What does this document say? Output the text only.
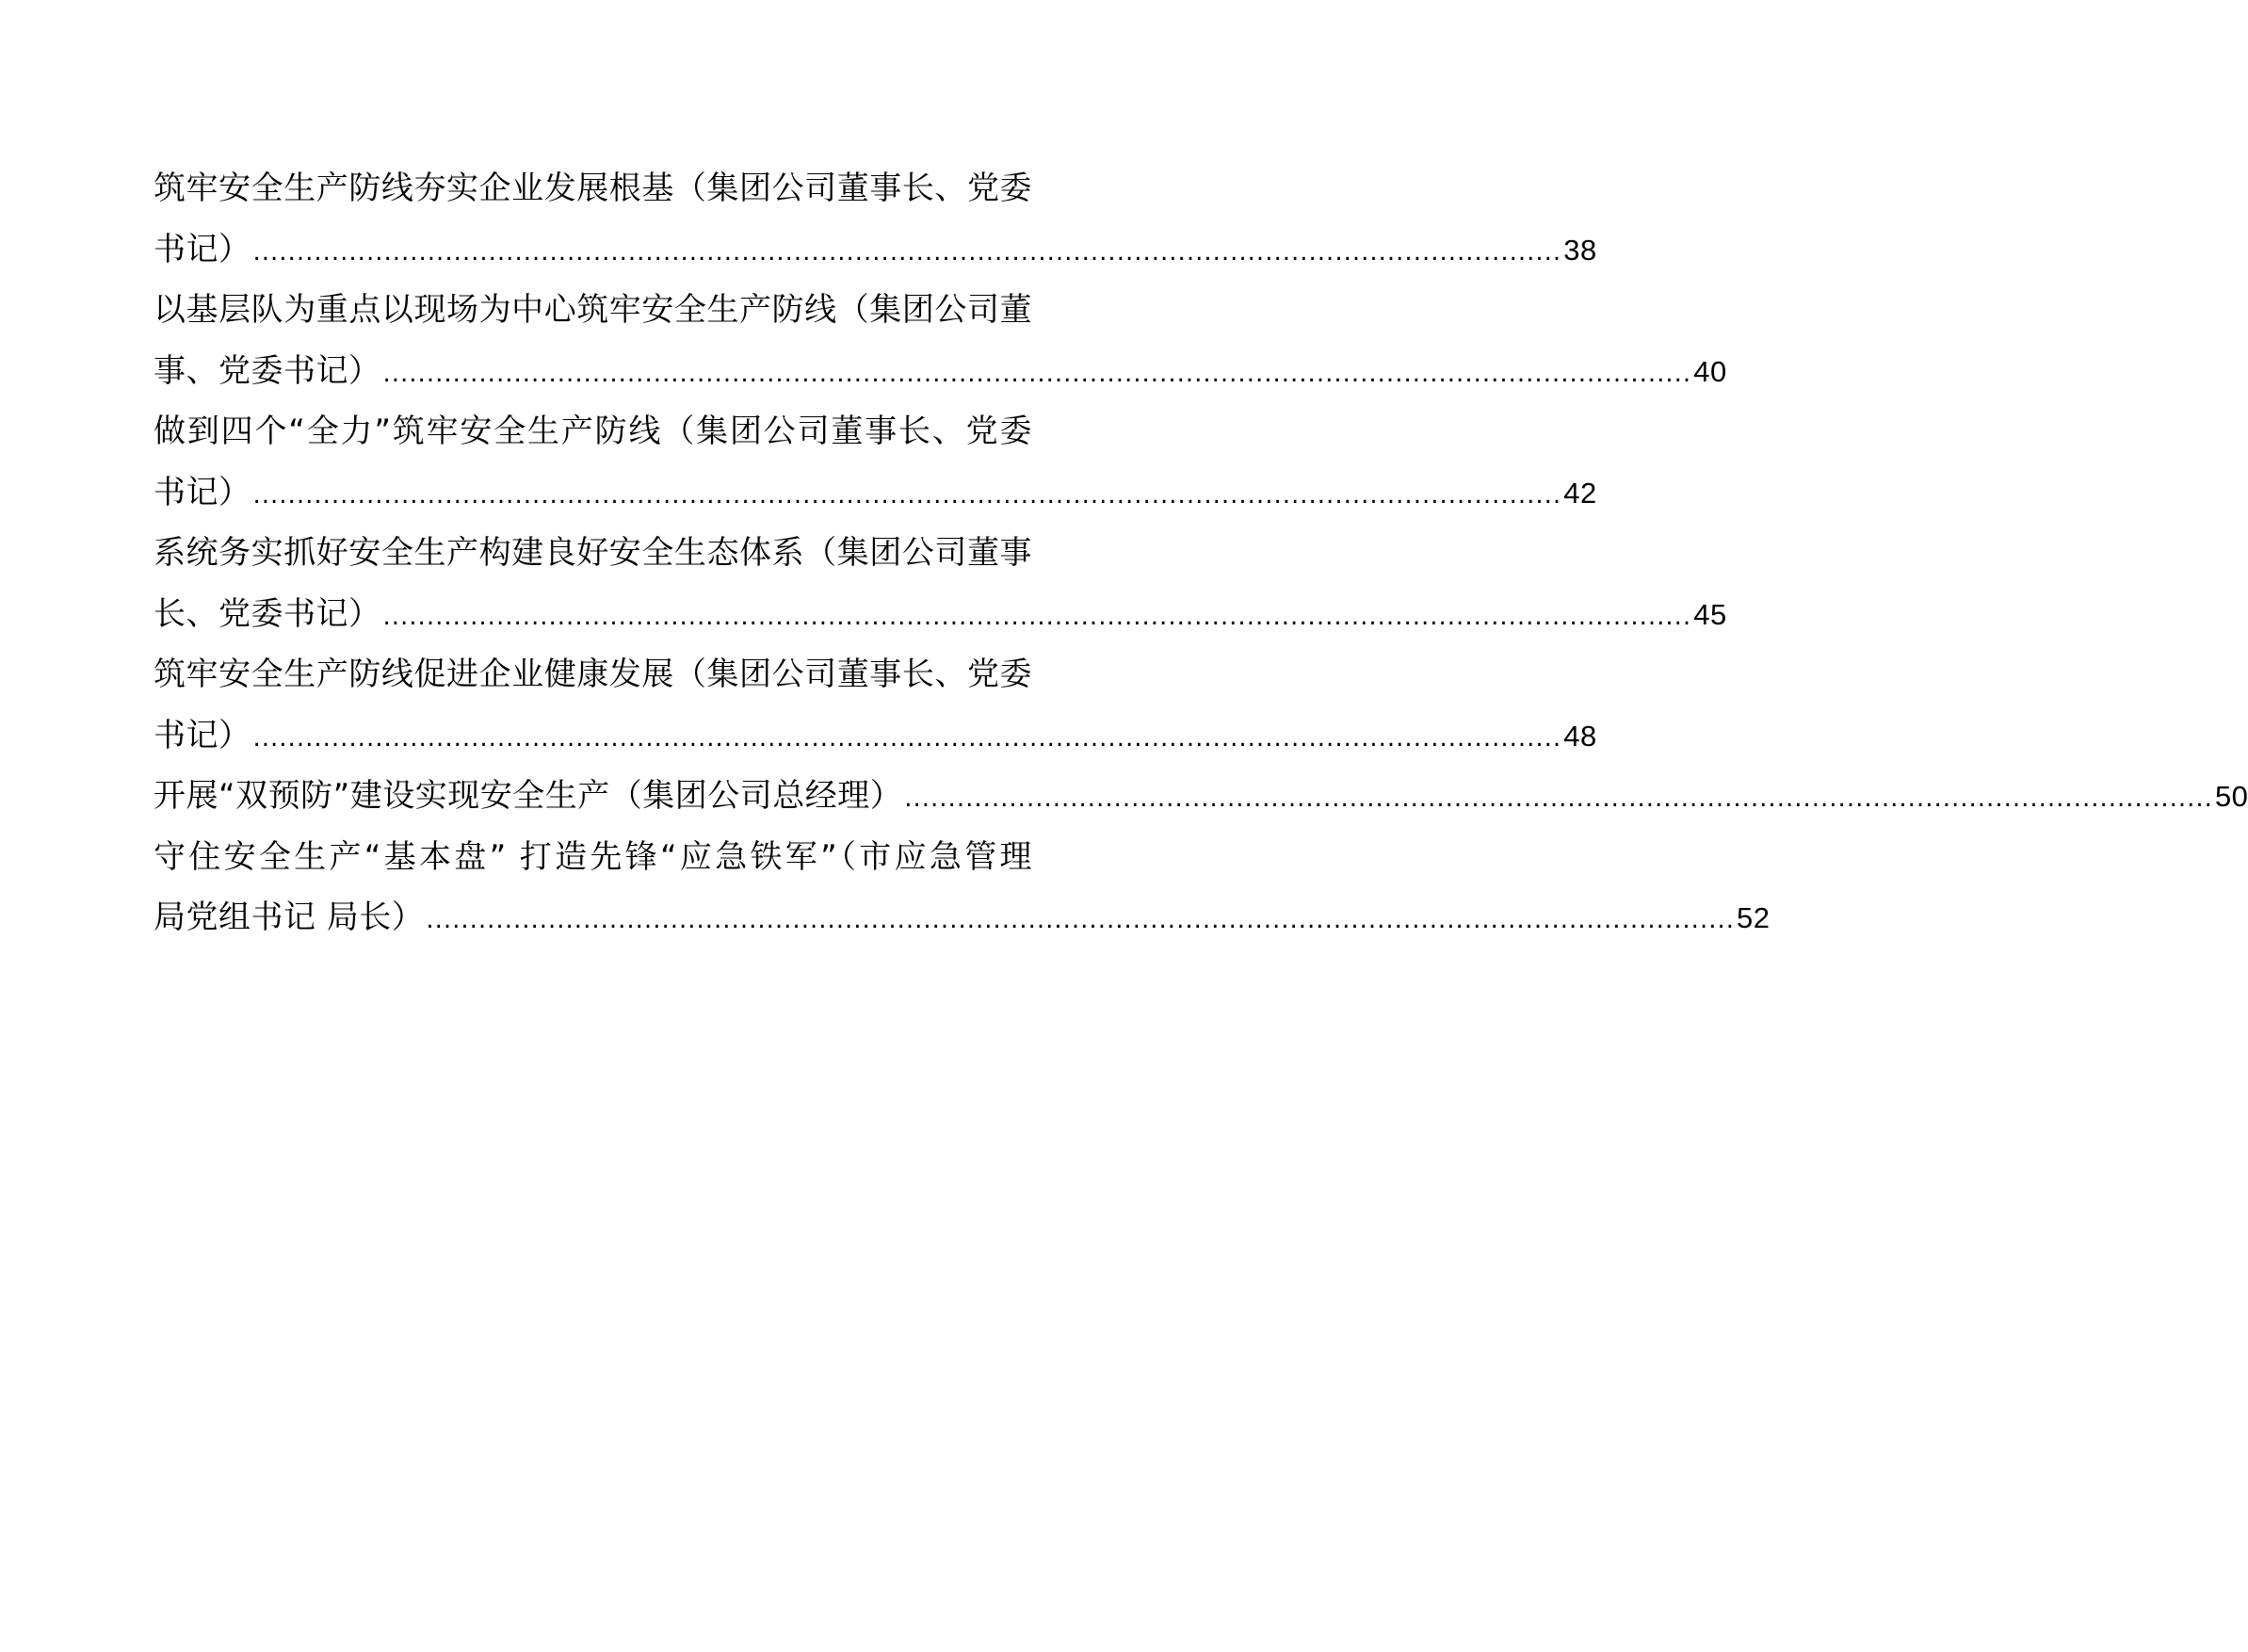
筑牢安全生产防线夯实企业发展根基（集团公司董事长、党委
书记） ...................................................................................................................................................... 38
以基层队为重点以现场为中心筑牢安全生产防线（集团公司董
事、党委书记） ...................................................................................................................................................... 40
做到四个“全力”筑牢安全生产防线（集团公司董事长、党委
书记） ...................................................................................................................................................... 42
系统务实抓好安全生产构建良好安全生态体系（集团公司董事
长、党委书记） ...................................................................................................................................................... 45
筑牢安全生产防线促进企业健康发展（集团公司董事长、党委
书记） ...................................................................................................................................................... 48
开展“双预防”建设实现安全生产（集团公司总经理） ...................................................................................................................................................... 50
守住安全生产“基本盘” 打造先锋“应急铁军”（市应急管理
局党组书记 局长） ...................................................................................................................................................... 52
